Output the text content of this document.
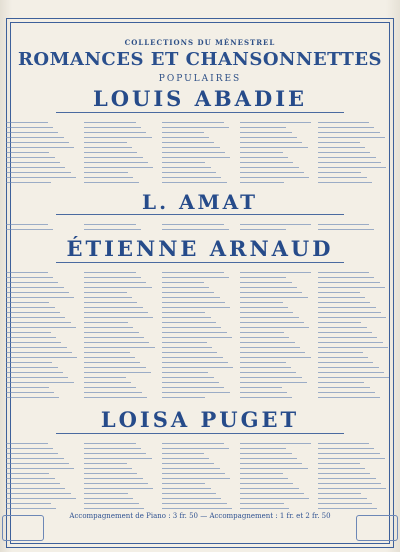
COLLECTIONS DU MÉNESTREL
ROMANCES ET CHANSONNETTES
POPULAIRES
LOUIS ABADIE
L. AMAT
ÉTIENNE ARNAUD
LOISA PUGET
Accompagnement de Piano : 3 fr. 50 — Accompagnement : 1 fr. et 2 fr. 50
